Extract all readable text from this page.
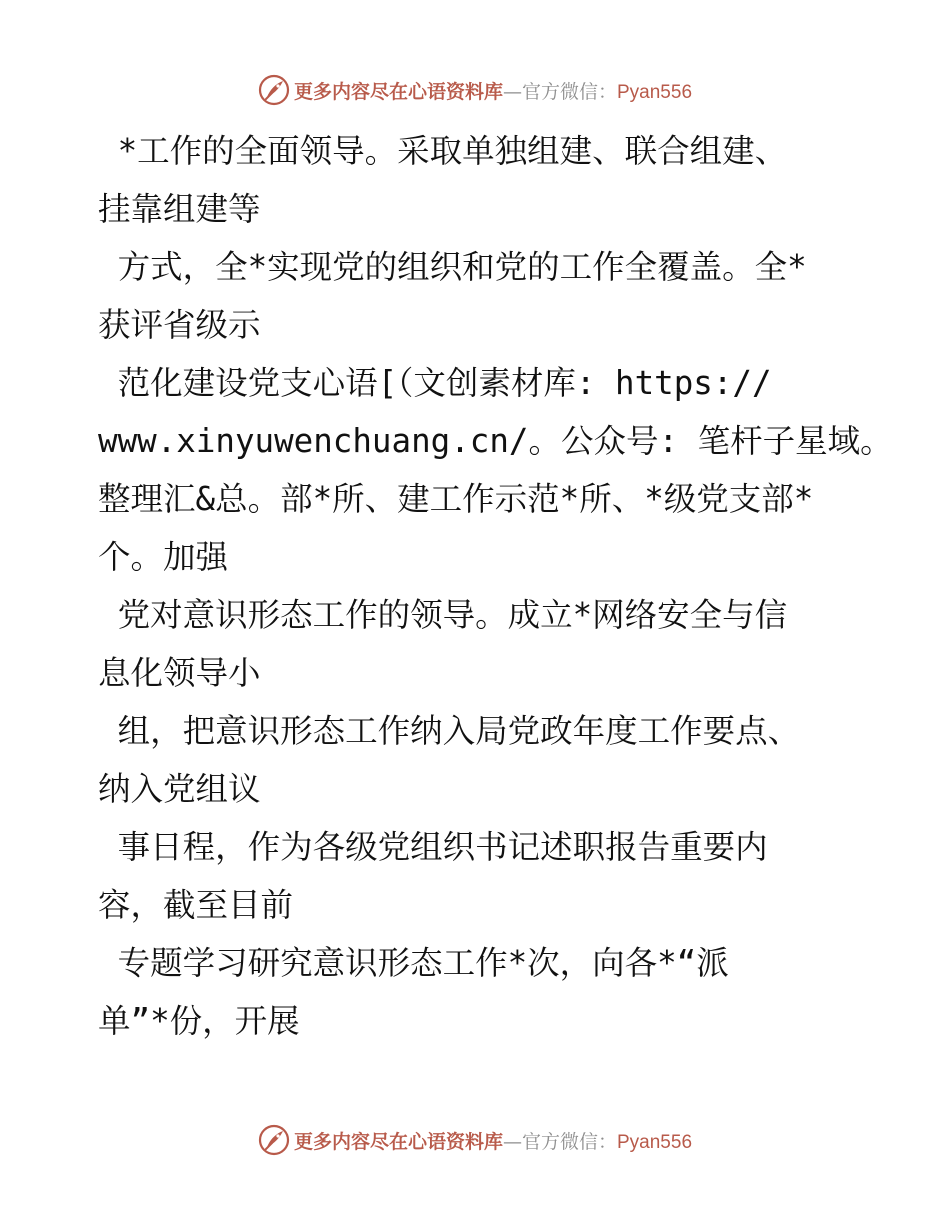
更多内容尽在心语资料库—官方微信：Pyan556
*工作的全面领导。采取单独组建、联合组建、
挂靠组建等
方式，全*实现党的组织和党的工作全覆盖。全*
获评省级示
范化建设党支心语[（文创素材库: https://
www.xinyuwenchuang.cn/。公众号: 笔杆子星域。
整理汇&总。部*所、建工作示范*所、*级党支部*
个。加强
党对意识形态工作的领导。成立*网络安全与信
息化领导小
组，把意识形态工作纳入局党政年度工作要点、
纳入党组议
事日程，作为各级党组织书记述职报告重要内
容，截至目前
专题学习研究意识形态工作*次，向各*“派
单”*份，开展
更多内容尽在心语资料库—官方微信：Pyan556
